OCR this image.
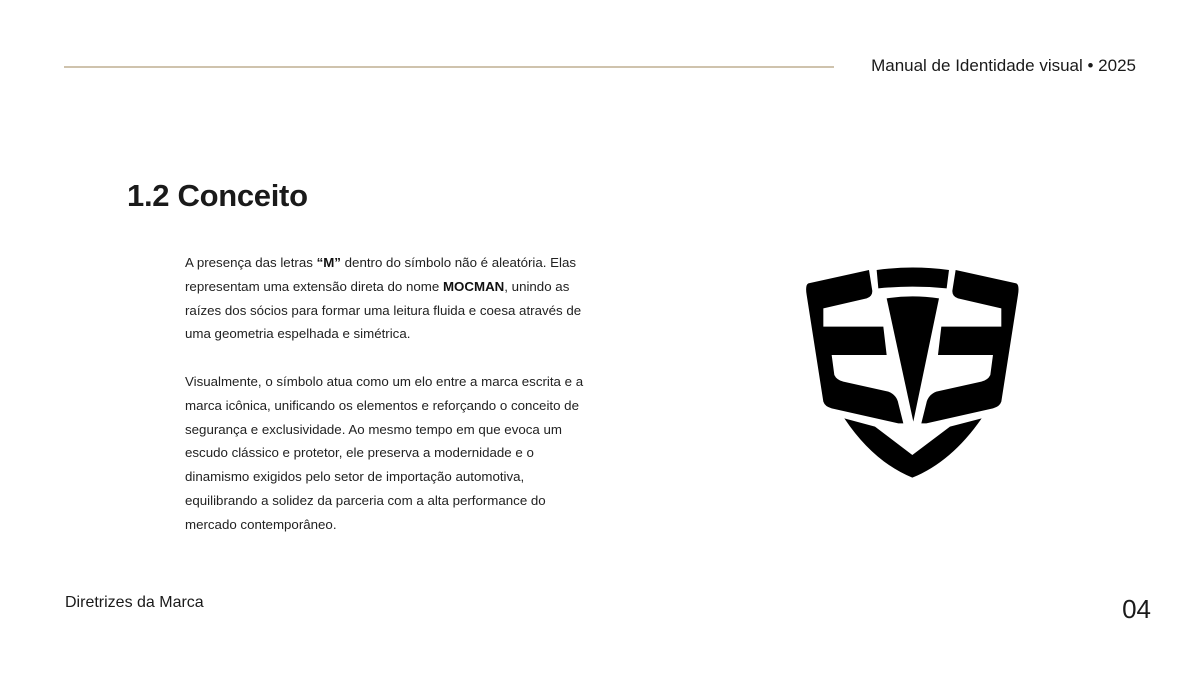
Manual de Identidade visual • 2025
1.2 Conceito
A presença das letras “M” dentro do símbolo não é aleatória. Elas
representam uma extensão direta do nome MOCMAN, unindo as
raízes dos sócios para formar uma leitura fluida e coesa através de
uma geometria espelhada e simétrica.
Visualmente, o símbolo atua como um elo entre a marca escrita e a
marca icônica, unificando os elementos e reforçando o conceito de
segurança e exclusividade. Ao mesmo tempo em que evoca um
escudo clássico e protetor, ele preserva a modernidade e o
dinamismo exigidos pelo setor de importação automotiva,
equilibrando a solidez da parceria com a alta performance do
mercado contemporâneo.
Diretrizes da Marca	04
